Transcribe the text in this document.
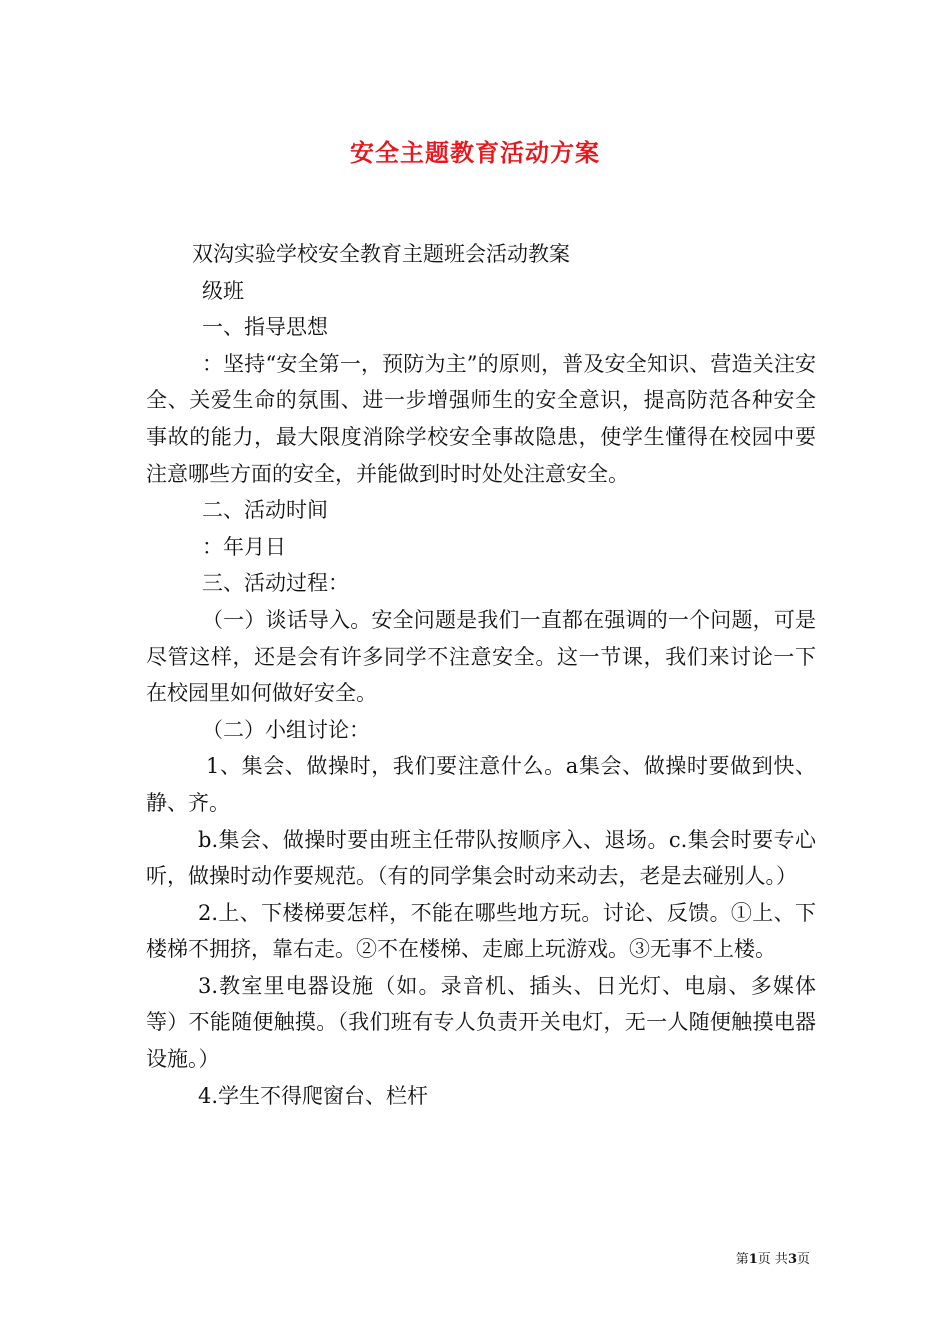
安全主题教育活动方案

双沟实验学校安全教育主题班会活动教案

级班

一、指导思想

：坚持“安全第一，预防为主”的原则，普及安全知识、营造关注安全、关爱生命的氛围、进一步增强师生的安全意识，提高防范各种安全事故的能力，最大限度消除学校安全事故隐患，使学生懂得在校园中要注意哪些方面的安全，并能做到时时处处注意安全。

二、活动时间

：年月日

三、活动过程：

（一）谈话导入。安全问题是我们一直都在强调的一个问题，可是尽管这样，还是会有许多同学不注意安全。这一节课，我们来讨论一下在校园里如何做好安全。

（二）小组讨论：

1、集会、做操时，我们要注意什么。a集会、做操时要做到快、静、齐。

b.集会、做操时要由班主任带队按顺序入、退场。c.集会时要专心听，做操时动作要规范。（有的同学集会时动来动去，老是去碰别人。）

2.上、下楼梯要怎样，不能在哪些地方玩。讨论、反馈。①上、下楼梯不拥挤，靠右走。②不在楼梯、走廊上玩游戏。③无事不上楼。

3.教室里电器设施（如。录音机、插头、日光灯、电扇、多媒体等）不能随便触摸。（我们班有专人负责开关电灯，无一人随便触摸电器设施。）

4.学生不得爬窗台、栏杆

第1页 共3页
